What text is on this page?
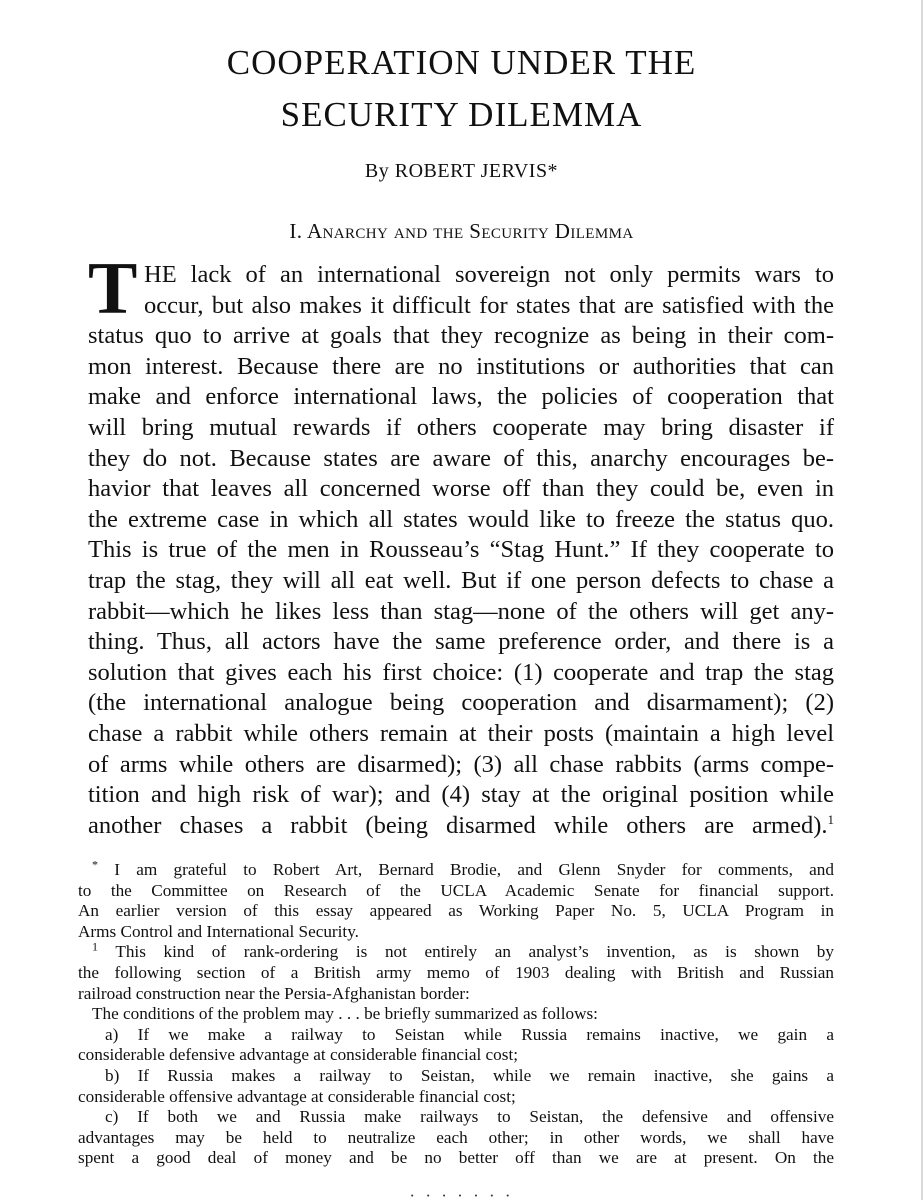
COOPERATION UNDER THE
SECURITY DILEMMA
By ROBERT JERVIS*
I. Anarchy and the Security Dilemma
T HE lack of an international sovereign not only permits wars to
occur, but also makes it difficult for states that are satisfied with the
status quo to arrive at goals that they recognize as being in their com-
mon interest. Because there are no institutions or authorities that can
make and enforce international laws, the policies of cooperation that
will bring mutual rewards if others cooperate may bring disaster if
they do not. Because states are aware of this, anarchy encourages be-
havior that leaves all concerned worse off than they could be, even in
the extreme case in which all states would like to freeze the status quo.
This is true of the men in Rousseau’s “Stag Hunt.” If they cooperate to
trap the stag, they will all eat well. But if one person defects to chase a
rabbit—which he likes less than stag—none of the others will get any-
thing. Thus, all actors have the same preference order, and there is a
solution that gives each his first choice: (1) cooperate and trap the stag
(the international analogue being cooperation and disarmament); (2)
chase a rabbit while others remain at their posts (maintain a high level
of arms while others are disarmed); (3) all chase rabbits (arms compe-
tition and high risk of war); and (4) stay at the original position while
another chases a rabbit (being disarmed while others are armed).$^1$
* I am grateful to Robert Art, Bernard Brodie, and Glenn Snyder for comments, and
to the Committee on Research of the UCLA Academic Senate for financial support.
An earlier version of this essay appeared as Working Paper No. 5, UCLA Program in
Arms Control and International Security.
$^1$ This kind of rank-ordering is not entirely an analyst’s invention, as is shown by
the following section of a British army memo of 1903 dealing with British and Russian
railroad construction near the Persia-Afghanistan border:
The conditions of the problem may . . . be briefly summarized as follows:
a) If we make a railway to Seistan while Russia remains inactive, we gain a
considerable defensive advantage at considerable financial cost;
b) If Russia makes a railway to Seistan, while we remain inactive, she gains a
considerable offensive advantage at considerable financial cost;
c) If both we and Russia make railways to Seistan, the defensive and offensive
advantages may be held to neutralize each other; in other words, we shall have
spent a good deal of money and be no better off than we are at present. On the
· · · · · · ·
